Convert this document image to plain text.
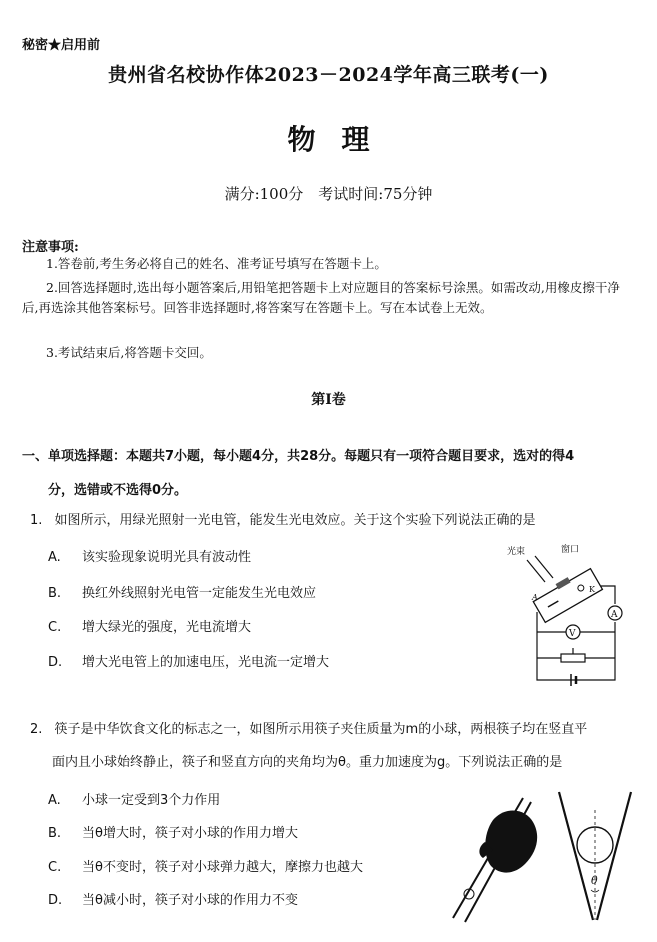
秘密★启用前
贵州省名校协作体2023－2024学年高三联考(一)
物理
满分:100分　考试时间:75分钟
注意事项:
1.答卷前,考生务必将自己的姓名、准考证号填写在答题卡上。
2.回答选择题时,选出每小题答案后,用铅笔把答题卡上对应题目的答案标号涂黑。如需改动,用橡皮擦干净后,再选涂其他答案标号。回答非选择题时,将答案写在答题卡上。写在本试卷上无效。
3.考试结束后,将答题卡交回。
第Ⅰ卷
一、单项选择题：本题共7小题，每小题4分，共28分。每题只有一项符合题目要求，选对的得4
分，选错或不选得0分。
1. 如图所示，用绿光照射一光电管，能发生光电效应。关于这个实验下列说法正确的是
A. 该实验现象说明光具有波动性
B. 换红外线照射光电管一定能发生光电效应
C. 增大绿光的强度，光电流增大
D. 增大光电管上的加速电压，光电流一定增大
光束	窗口
A
K
A
V
2. 筷子是中华饮食文化的标志之一，如图所示用筷子夹住质量为m的小球，两根筷子均在竖直平
面内且小球始终静止，筷子和竖直方向的夹角均为θ。重力加速度为g。下列说法正确的是
A. 小球一定受到3个力作用
B. 当θ增大时，筷子对小球的作用力增大
C. 当θ不变时，筷子对小球弹力越大，摩擦力也越大
D. 当θ减小时，筷子对小球的作用力不变
θ
